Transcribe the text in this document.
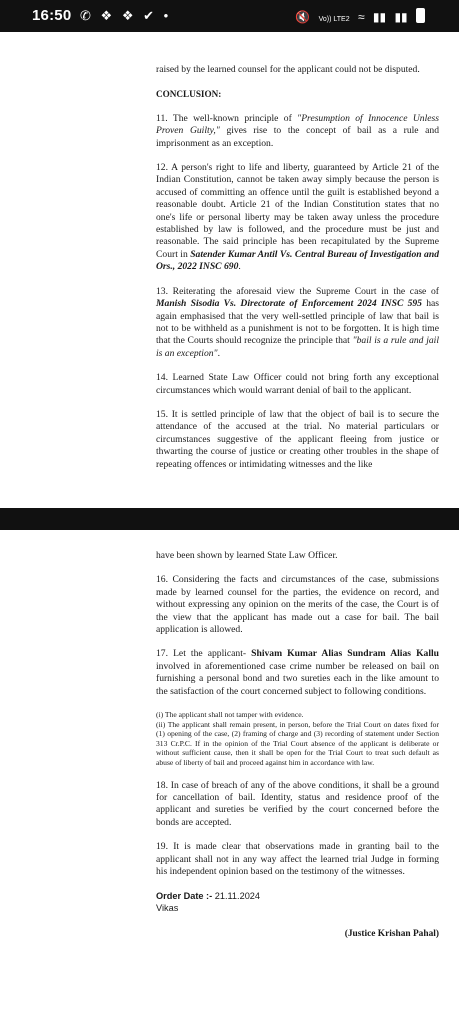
16:50 ✆ ❖ ❖ ✔ •	🔇 Vo)) LTE2 ≈ ▮▮ ▮▮

raised by the learned counsel for the applicant could not be disputed.

CONCLUSION:

11. The well-known principle of "Presumption of Innocence Unless Proven Guilty," gives rise to the concept of bail as a rule and imprisonment as an exception.

12. A person's right to life and liberty, guaranteed by Article 21 of the Indian Constitution, cannot be taken away simply because the person is accused of committing an offence until the guilt is established beyond a reasonable doubt. Article 21 of the Indian Constitution states that no one's life or personal liberty may be taken away unless the procedure established by law is followed, and the procedure must be just and reasonable. The said principle has been recapitulated by the Supreme Court in Satender Kumar Antil Vs. Central Bureau of Investigation and Ors., 2022 INSC 690.

13. Reiterating the aforesaid view the Supreme Court in the case of Manish Sisodia Vs. Directorate of Enforcement 2024 INSC 595 has again emphasised that the very well-settled principle of law that bail is not to be withheld as a punishment is not to be forgotten. It is high time that the Courts should recognize the principle that "bail is a rule and jail is an exception".

14. Learned State Law Officer could not bring forth any exceptional circumstances which would warrant denial of bail to the applicant.

15. It is settled principle of law that the object of bail is to secure the attendance of the accused at the trial. No material particulars or circumstances suggestive of the applicant fleeing from justice or thwarting the course of justice or creating other troubles in the shape of repeating offences or intimidating witnesses and the like

have been shown by learned State Law Officer.

16. Considering the facts and circumstances of the case, submissions made by learned counsel for the parties, the evidence on record, and without expressing any opinion on the merits of the case, the Court is of the view that the applicant has made out a case for bail. The bail application is allowed.

17. Let the applicant- Shivam Kumar Alias Sundram Alias Kallu involved in aforementioned case crime number be released on bail on furnishing a personal bond and two sureties each in the like amount to the satisfaction of the court concerned subject to following conditions.

(i) The applicant shall not tamper with evidence.
(ii) The applicant shall remain present, in person, before the Trial Court on dates fixed for (1) opening of the case, (2) framing of charge and (3) recording of statement under Section 313 Cr.P.C. If in the opinion of the Trial Court absence of the applicant is deliberate or without sufficient cause, then it shall be open for the Trial Court to treat such default as abuse of liberty of bail and proceed against him in accordance with law.

18. In case of breach of any of the above conditions, it shall be a ground for cancellation of bail. Identity, status and residence proof of the applicant and sureties be verified by the court concerned before the bonds are accepted.

19. It is made clear that observations made in granting bail to the applicant shall not in any way affect the learned trial Judge in forming his independent opinion based on the testimony of the witnesses.

Order Date :- 21.11.2024
Vikas
(Justice Krishan Pahal)
